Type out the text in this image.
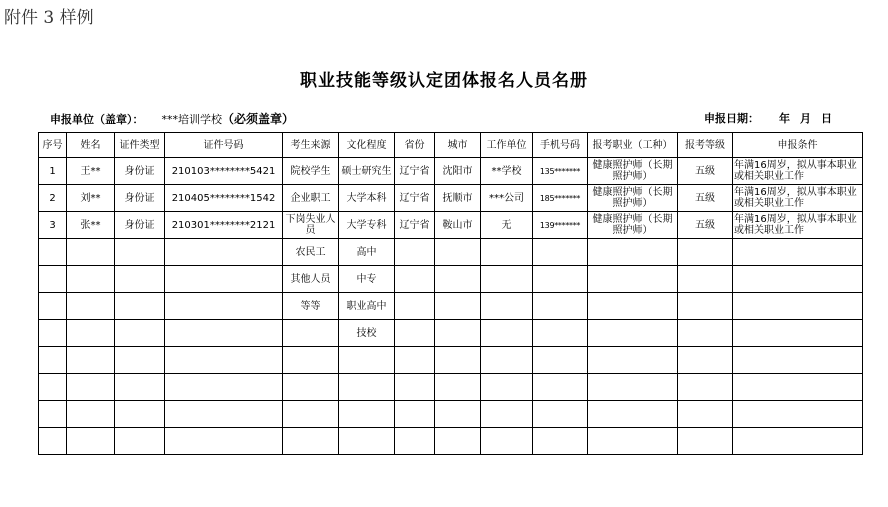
附件 3 样例
职业技能等级认定团体报名人员名册
申报单位（盖章）： ***培训学校（必须盖章）	申报日期： 年 月 日
序号	姓名	证件类型	证件号码	考生来源	文化程度	省份	城市	工作单位	手机号码	报考职业（工种）	报考等级	申报条件
1	王**	身份证	210103********5421	院校学生	硕士研究生	辽宁省	沈阳市	**学校	135*******	健康照护师（长期照护师）	五级	年满16周岁，拟从事本职业或相关职业工作
2	刘**	身份证	210405********1542	企业职工	大学本科	辽宁省	抚顺市	***公司	185*******	健康照护师（长期照护师）	五级	年满16周岁，拟从事本职业或相关职业工作
3	张**	身份证	210301********2121	下岗失业人员	大学专科	辽宁省	鞍山市	无	139*******	健康照护师（长期照护师）	五级	年满16周岁，拟从事本职业或相关职业工作
				农民工	高中							
				其他人员	中专							
				等等	职业高中							
					技校							
